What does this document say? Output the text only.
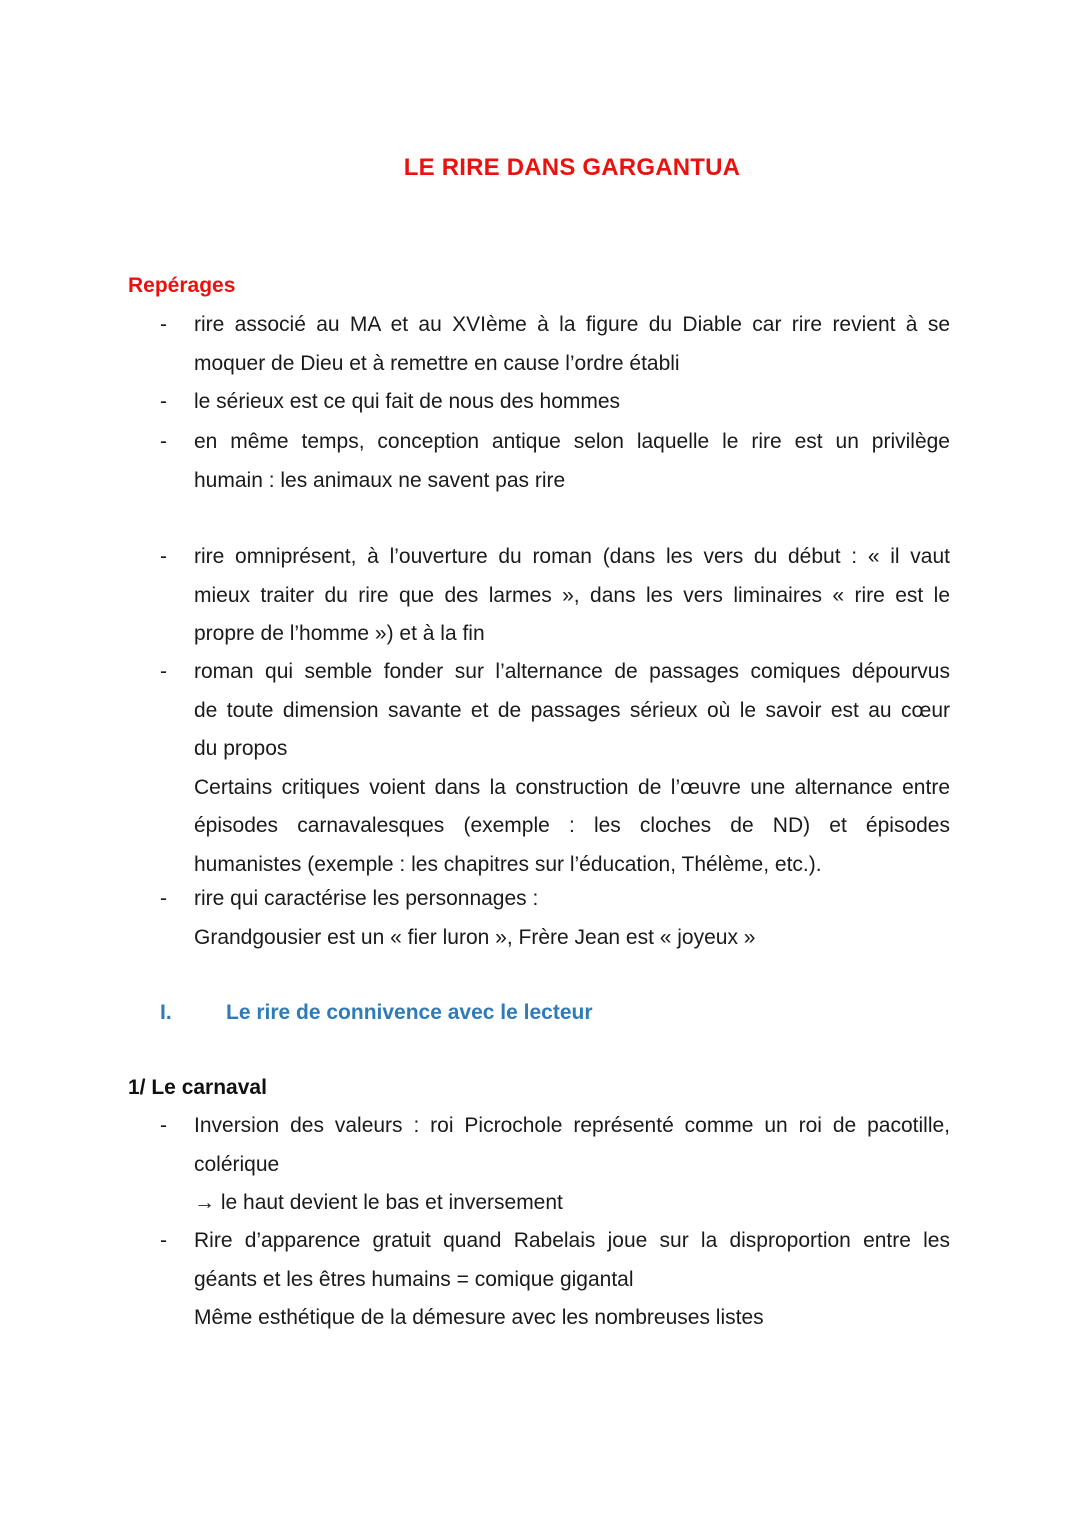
LE RIRE DANS GARGANTUA
Repérages
- rire associé au MA et au XVIème à la figure du Diable car rire revient à se
moquer de Dieu et à remettre en cause l’ordre établi
- le sérieux est ce qui fait de nous des hommes
- en même temps, conception antique selon laquelle le rire est un privilège
humain : les animaux ne savent pas rire
- rire omniprésent, à l’ouverture du roman (dans les vers du début : « il vaut
mieux traiter du rire que des larmes », dans les vers liminaires « rire est le
propre de l’homme ») et à la fin
- roman qui semble fonder sur l’alternance de passages comiques dépourvus
de toute dimension savante et de passages sérieux où le savoir est au cœur
du propos
Certains critiques voient dans la construction de l’œuvre une alternance entre
épisodes carnavalesques (exemple : les cloches de ND) et épisodes
humanistes (exemple : les chapitres sur l’éducation, Thélème, etc.).
- rire qui caractérise les personnages :
Grandgousier est un « fier luron », Frère Jean est « joyeux »
I.	Le rire de connivence avec le lecteur
1/ Le carnaval
- Inversion des valeurs : roi Picrochole représenté comme un roi de pacotille,
colérique
→ le haut devient le bas et inversement
- Rire d’apparence gratuit quand Rabelais joue sur la disproportion entre les
géants et les êtres humains = comique gigantal
Même esthétique de la démesure avec les nombreuses listes
